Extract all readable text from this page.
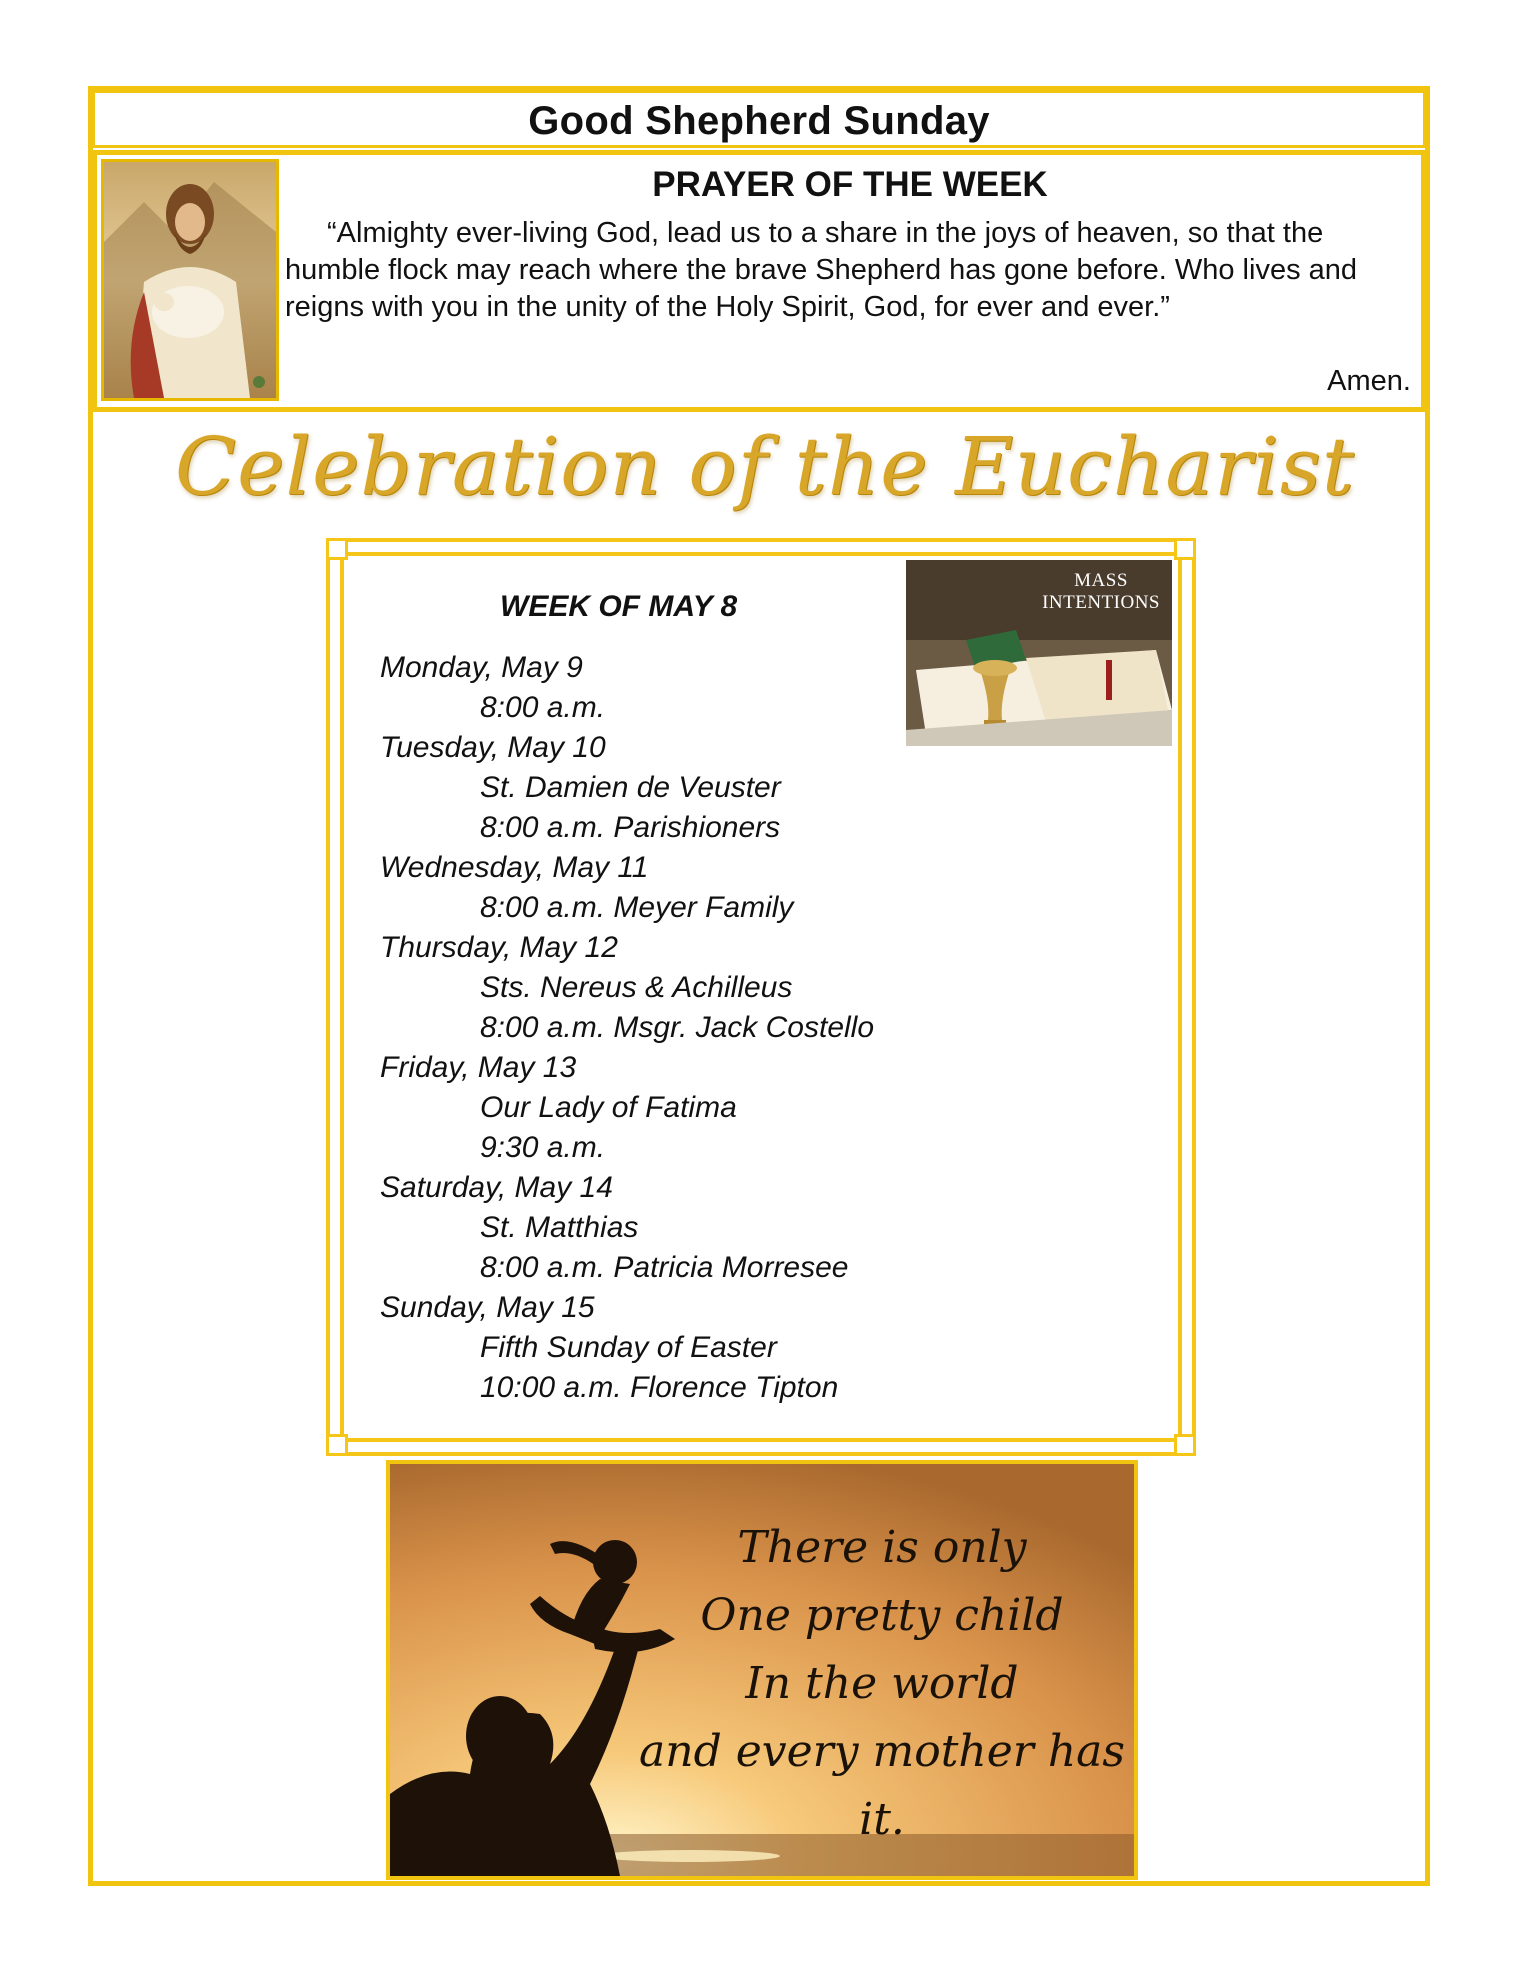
Good Shepherd Sunday
PRAYER OF THE WEEK

“Almighty ever-living God, lead us to a share in the joys of heaven, so that the humble flock may reach where the brave Shepherd has gone before. Who lives and reigns with you in the unity of the Holy Spirit, God, for ever and ever.”

Amen.
Celebration of the Eucharist
MASS
INTENTIONS
WEEK OF MAY 8
Monday, May 9
8:00 a.m.
Tuesday, May 10
St. Damien de Veuster
8:00 a.m. Parishioners
Wednesday, May 11
8:00 a.m. Meyer Family
Thursday, May 12
Sts. Nereus & Achilleus
8:00 a.m. Msgr. Jack Costello
Friday, May 13
Our Lady of Fatima
9:30 a.m.
Saturday, May 14
St. Matthias
8:00 a.m. Patricia Morresee
Sunday, May 15
Fifth Sunday of Easter
10:00 a.m. Florence Tipton
There is only
One pretty child
In the world
and every mother has it.
